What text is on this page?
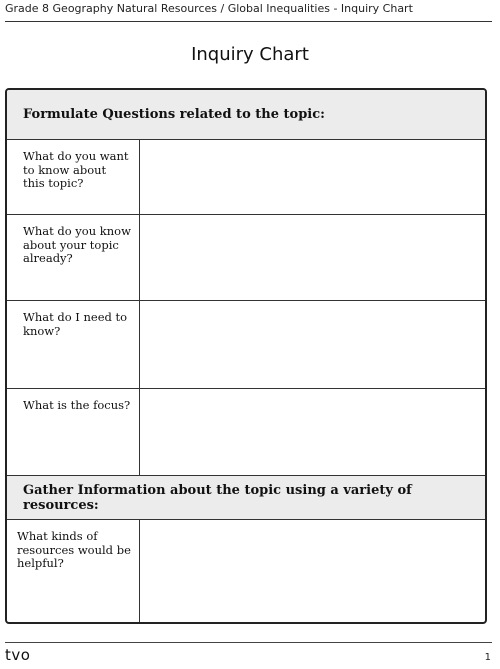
Grade 8 Geography Natural Resources / Global Inequalities - Inquiry Chart
Inquiry Chart
Formulate Questions related to the topic:
What do you want to know about this topic?
What do you know about your topic already?
What do I need to know?
What is the focus?
Gather Information about the topic using a variety of resources:
What kinds of resources would be helpful?
tvo	1
